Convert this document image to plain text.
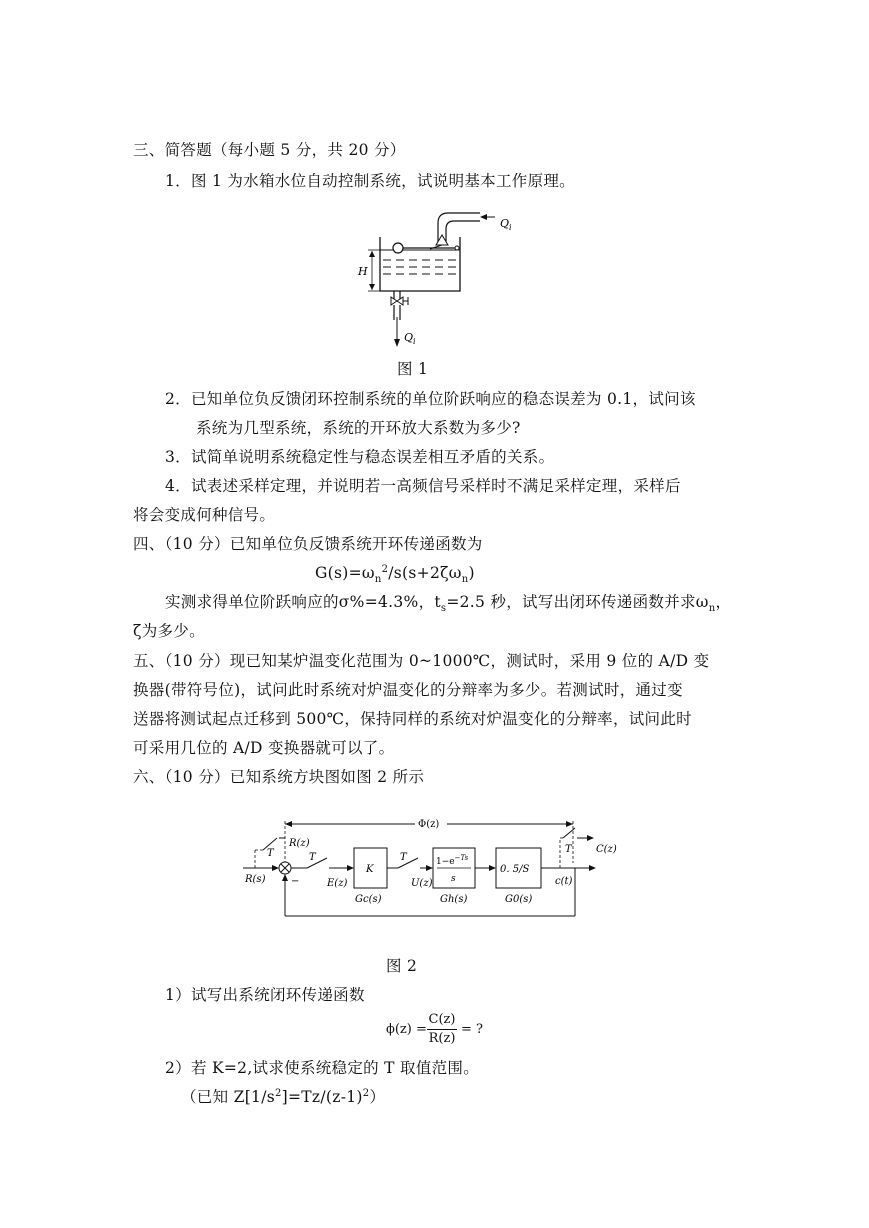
三、简答题（每小题 5 分，共 20 分）
1．图 1 为水箱水位自动控制系统，试说明基本工作原理。
$Q_i$
H
$Q_i$
图 1
2．已知单位负反馈闭环控制系统的单位阶跃响应的稳态误差为 0.1，试问该
系统为几型系统，系统的开环放大系数为多少?
3．试简单说明系统稳定性与稳态误差相互矛盾的关系。
4．试表述采样定理，并说明若一高频信号采样时不满足采样定理，采样后
将会变成何种信号。
四、（10 分）已知单位负反馈系统开环传递函数为
$G(s)=\omega_n^2/s(s+2\zeta\omega_n)$
实测求得单位阶跃响应的σ%=4.3%，$t_s=2.5$ 秒，试写出闭环传递函数并求$\omega_n$，
ζ为多少。
五、（10 分）现已知某炉温变化范围为 0~1000℃，测试时，采用 9 位的 A/D 变
换器(带符号位)，试问此时系统对炉温变化的分辩率为多少。若测试时，通过变
送器将测试起点迁移到 500℃，保持同样的系统对炉温变化的分辩率，试问此时
可采用几位的 A/D 变换器就可以了。
六、（10 分）已知系统方块图如图 2 所示
Φ(z)
R(s)
T
R(z)
−
T
E(z)
K
Gc(s)
T
U(z)
$1-e^{-Ts}$
s
Gh(s)
0. 5/S
G0(s)
c(t)
T C(z)
图 2
1）试写出系统闭环传递函数
ϕ(z) =
C(z)
R(z)
= ?
2）若 K=2,试求使系统稳定的 T 取值范围。
（已知 $Z[1/s^2]=Tz/(z-1)^2$）
